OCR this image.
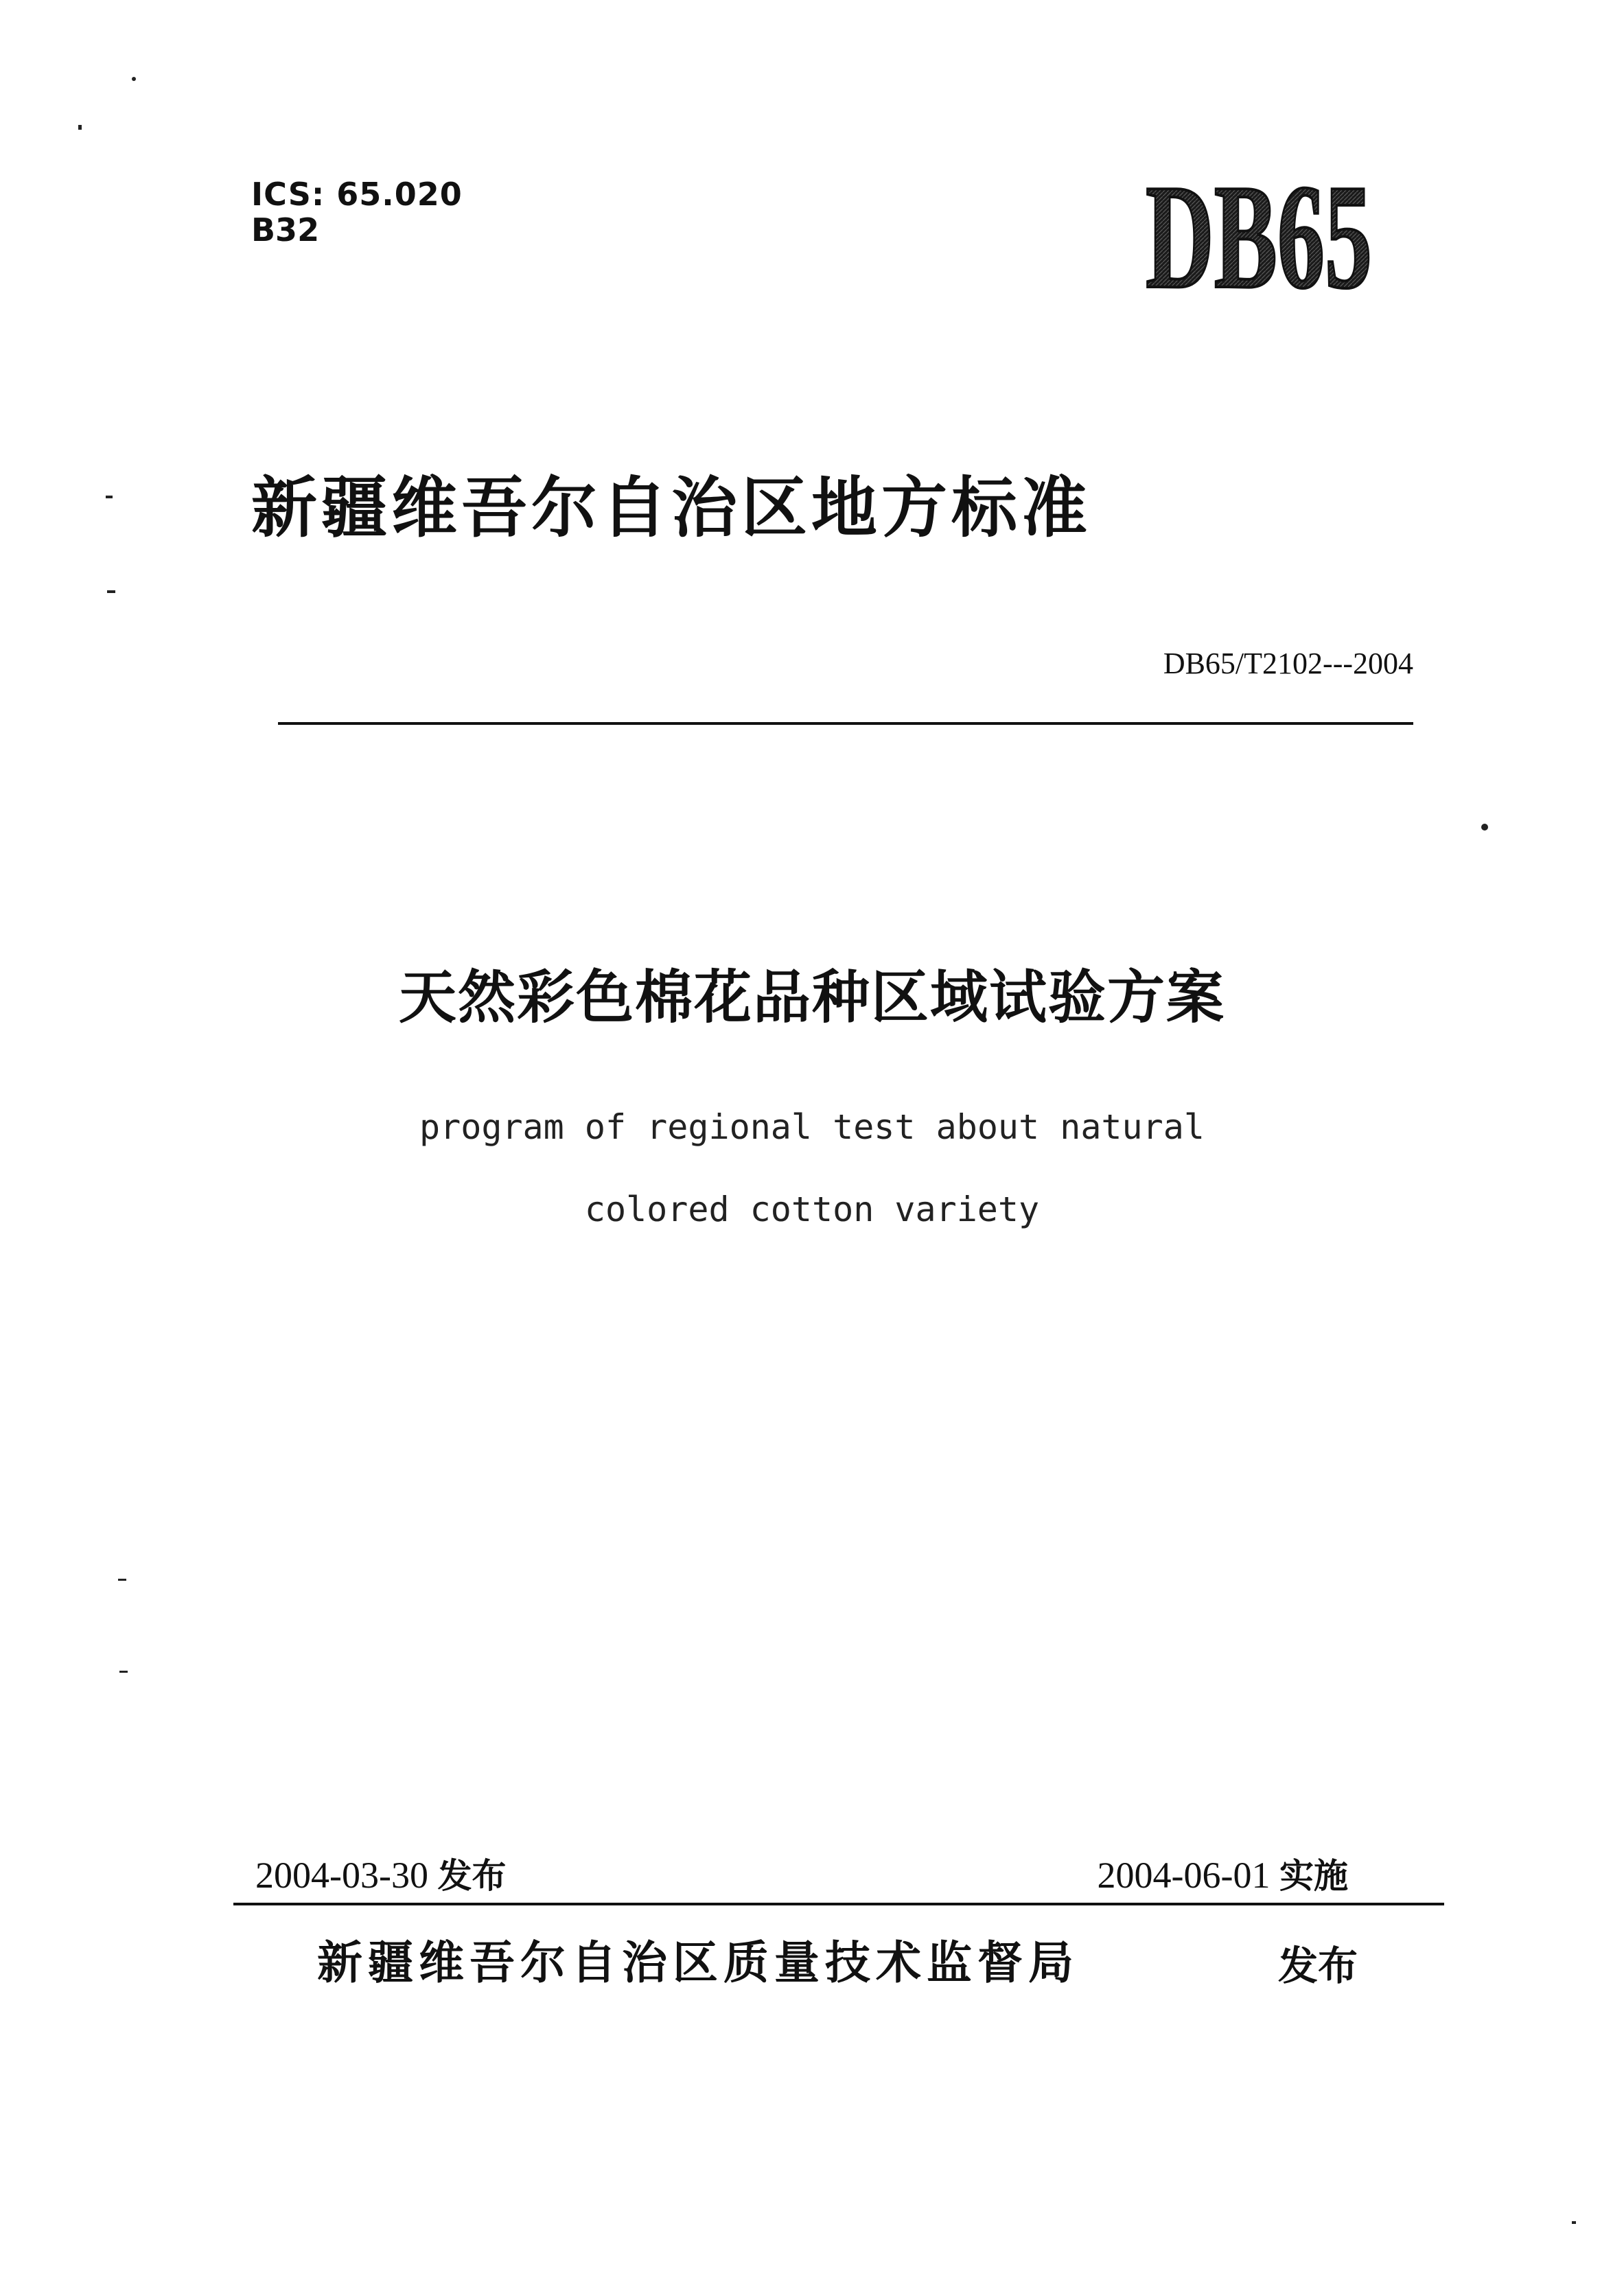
ICS: 65.020
B32	DB65
新疆维吾尔自治区地方标准
DB65/T2102---2004
天然彩色棉花品种区域试验方案
program of regional test about natural
colored cotton variety
2004-03-30 发布	2004-06-01 实施
新疆维吾尔自治区质量技术监督局	发布
